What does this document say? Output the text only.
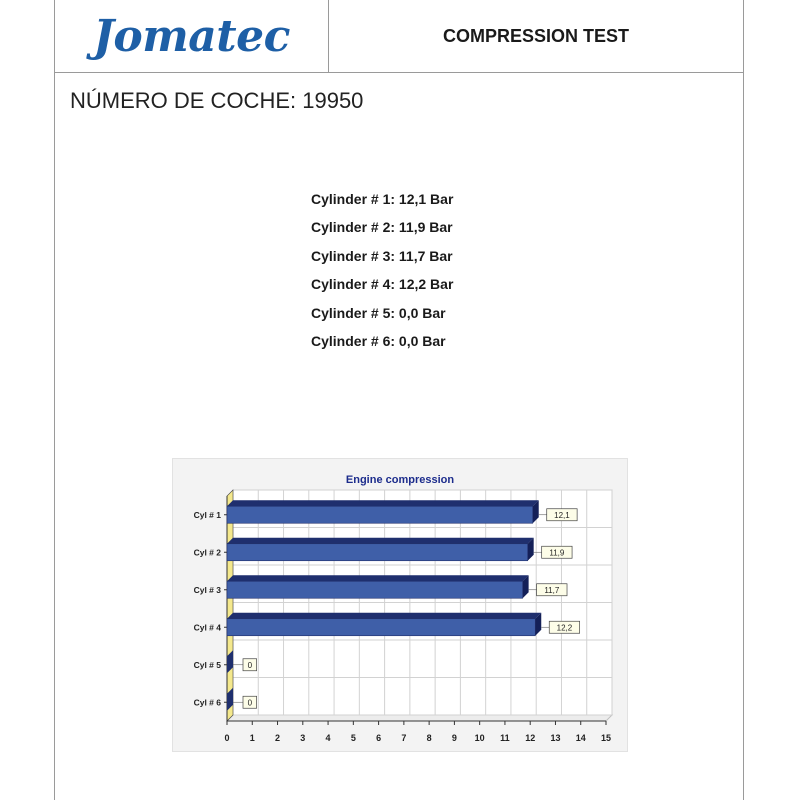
Jomatec	COMPRESSION TEST
NÚMERO DE COCHE: 19950
Cylinder # 1: 12,1 Bar
Cylinder # 2: 11,9 Bar
Cylinder # 3: 11,7 Bar
Cylinder # 4: 12,2 Bar
Cylinder # 5: 0,0 Bar
Cylinder # 6: 0,0 Bar
Engine compression
0 1 2 3 4 5 6 7 8 9 10 11 12 13 14 15
Cyl # 1	12,1
Cyl # 2	11,9
Cyl # 3	11,7
Cyl # 4	12,2
Cyl # 5	0
Cyl # 6	0
